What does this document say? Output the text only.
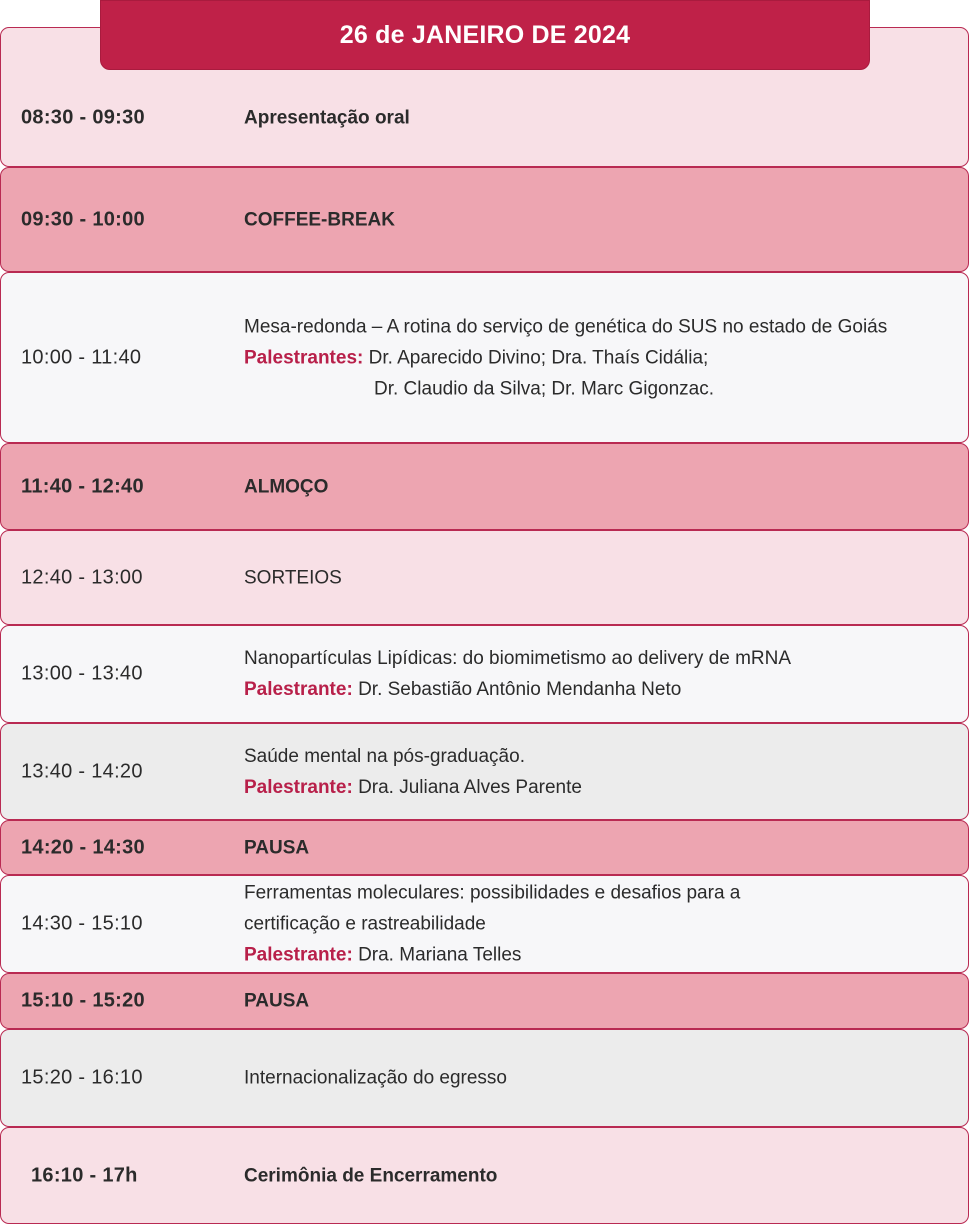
26 de JANEIRO DE 2024
08:30 - 09:30	Apresentação oral
09:30 - 10:00	COFFEE-BREAK
10:00 - 11:40
Mesa-redonda – A rotina do serviço de genética do SUS no estado de Goiás
Palestrantes: Dr. Aparecido Divino; Dra. Thaís Cidália;
Dr. Claudio da Silva; Dr. Marc Gigonzac.
11:40 - 12:40	ALMOÇO
12:40 - 13:00	SORTEIOS
13:00 - 13:40
Nanopartículas Lipídicas: do biomimetismo ao delivery de mRNA
Palestrante: Dr. Sebastião Antônio Mendanha Neto
13:40 - 14:20
Saúde mental na pós-graduação.
Palestrante: Dra. Juliana Alves Parente
14:20 - 14:30	PAUSA
14:30 - 15:10
Ferramentas moleculares: possibilidades e desafios para a
certificação e rastreabilidade
Palestrante: Dra. Mariana Telles
15:10 - 15:20	PAUSA
15:20 - 16:10	Internacionalização do egresso
16:10 - 17h	Cerimônia de Encerramento
